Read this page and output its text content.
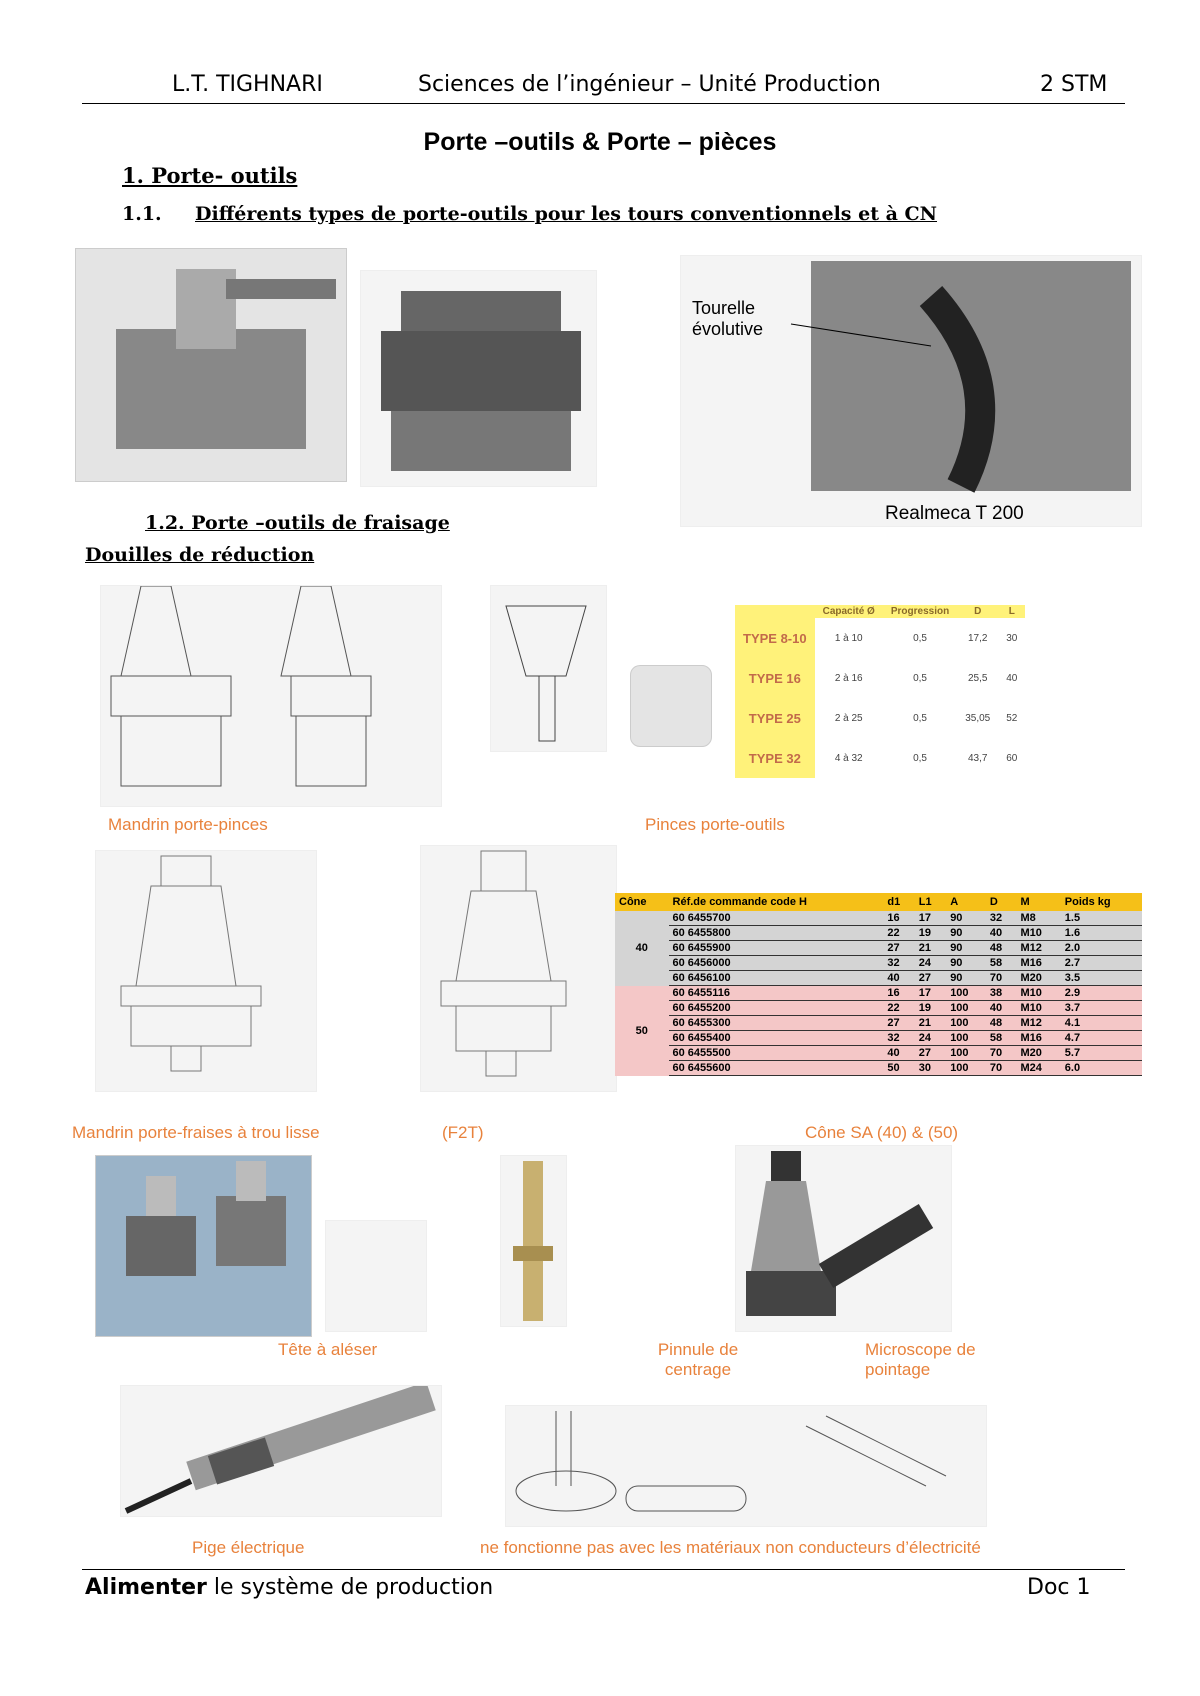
L.T. TIGHNARI	Sciences de l’ingénieur – Unité Production	2 STM
Porte –outils & Porte – pièces
1. Porte- outils
1.1. Différents types de porte-outils pour les tours conventionnels et à CN
Tourelle évolutive
Realmeca T 200
1.2. Porte –outils de fraisage
Douilles de réduction
	Capacité Ø	Progression	D	L
TYPE 8-10	1 à 10	0,5	17,2	30
TYPE 16	2 à 16	0,5	25,5	40
TYPE 25	2 à 25	0,5	35,05	52
TYPE 32	4 à 32	0,5	43,7	60
Mandrin porte-pinces	Pinces porte-outils
Cône	Réf.de commande code H	d1	L1	A	D	M	Poids kg
40	60 6455700	16	17	90	32	M8	1.5
	60 6455800	22	19	90	40	M10	1.6
	60 6455900	27	21	90	48	M12	2.0
	60 6456000	32	24	90	58	M16	2.7
	60 6456100	40	27	90	70	M20	3.5
50	60 6455116	16	17	100	38	M10	2.9
	60 6455200	22	19	100	40	M10	3.7
	60 6455300	27	21	100	48	M12	4.1
	60 6455400	32	24	100	58	M16	4.7
	60 6455500	40	27	100	70	M20	5.7
	60 6455600	50	30	100	70	M24	6.0
Mandrin porte-fraises à trou lisse	(F2T)	Cône SA (40) & (50)
Tête à aléser	Pinnule de centrage
Microscope de pointage
Pige électrique	ne fonctionne pas avec les matériaux non conducteurs d’électricité
Alimenter le système de production	Doc 1
